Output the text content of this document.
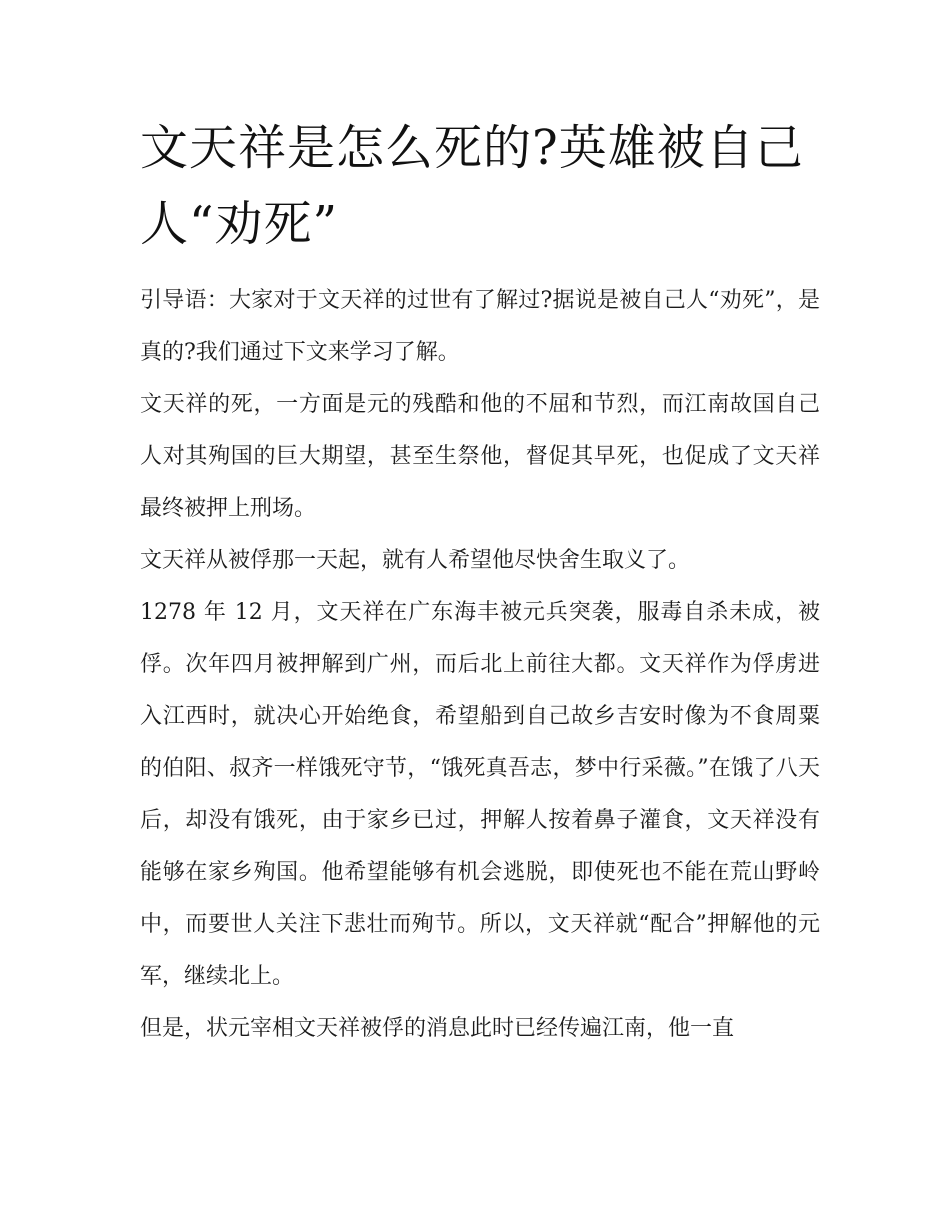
文天祥是怎么死的?英雄被自己人“劝死”

引导语：大家对于文天祥的过世有了解过?据说是被自己人“劝死”，是真的?我们通过下文来学习了解。

文天祥的死，一方面是元的残酷和他的不屈和节烈，而江南故国自己人对其殉国的巨大期望，甚至生祭他，督促其早死，也促成了文天祥最终被押上刑场。

文天祥从被俘那一天起，就有人希望他尽快舍生取义了。

1278 年 12 月，文天祥在广东海丰被元兵突袭，服毒自杀未成，被俘。次年四月被押解到广州，而后北上前往大都。文天祥作为俘虏进入江西时，就决心开始绝食，希望船到自己故乡吉安时像为不食周粟的伯阳、叔齐一样饿死守节，“饿死真吾志，梦中行采薇。”在饿了八天后，却没有饿死，由于家乡已过，押解人按着鼻子灌食，文天祥没有能够在家乡殉国。他希望能够有机会逃脱，即使死也不能在荒山野岭中，而要世人关注下悲壮而殉节。所以，文天祥就“配合”押解他的元军，继续北上。

但是，状元宰相文天祥被俘的消息此时已经传遍江南，他一直
